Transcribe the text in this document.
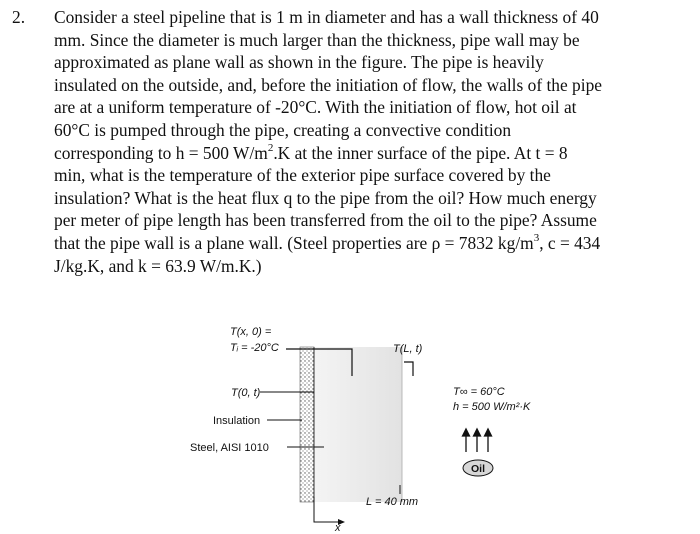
2. Consider a steel pipeline that is 1 m in diameter and has a wall thickness of 40
mm. Since the diameter is much larger than the thickness, pipe wall may be
approximated as plane wall as shown in the figure. The pipe is heavily
insulated on the outside, and, before the initiation of flow, the walls of the pipe
are at a uniform temperature of -20°C. With the initiation of flow, hot oil at
60°C is pumped through the pipe, creating a convective condition
corresponding to h = 500 $W/m^2.K$ at the inner surface of the pipe. At t = 8
min, what is the temperature of the exterior pipe surface covered by the
insulation? What is the heat flux q to the pipe from the oil? How much energy
per meter of pipe length has been transferred from the oil to the pipe? Assume
that the pipe wall is a plane wall. (Steel properties are ρ = 7832 $kg/m^3$, c = 434
J/kg.K, and k = 63.9 W/m.K.)
Oil
T(x, 0) =
Tᵢ = -20°C	T(L, t)
T(0, t)
Insulation
Steel, AISI 1010
T∞ = 60°C
h = 500 W/m²·K
L = 40 mm
x
